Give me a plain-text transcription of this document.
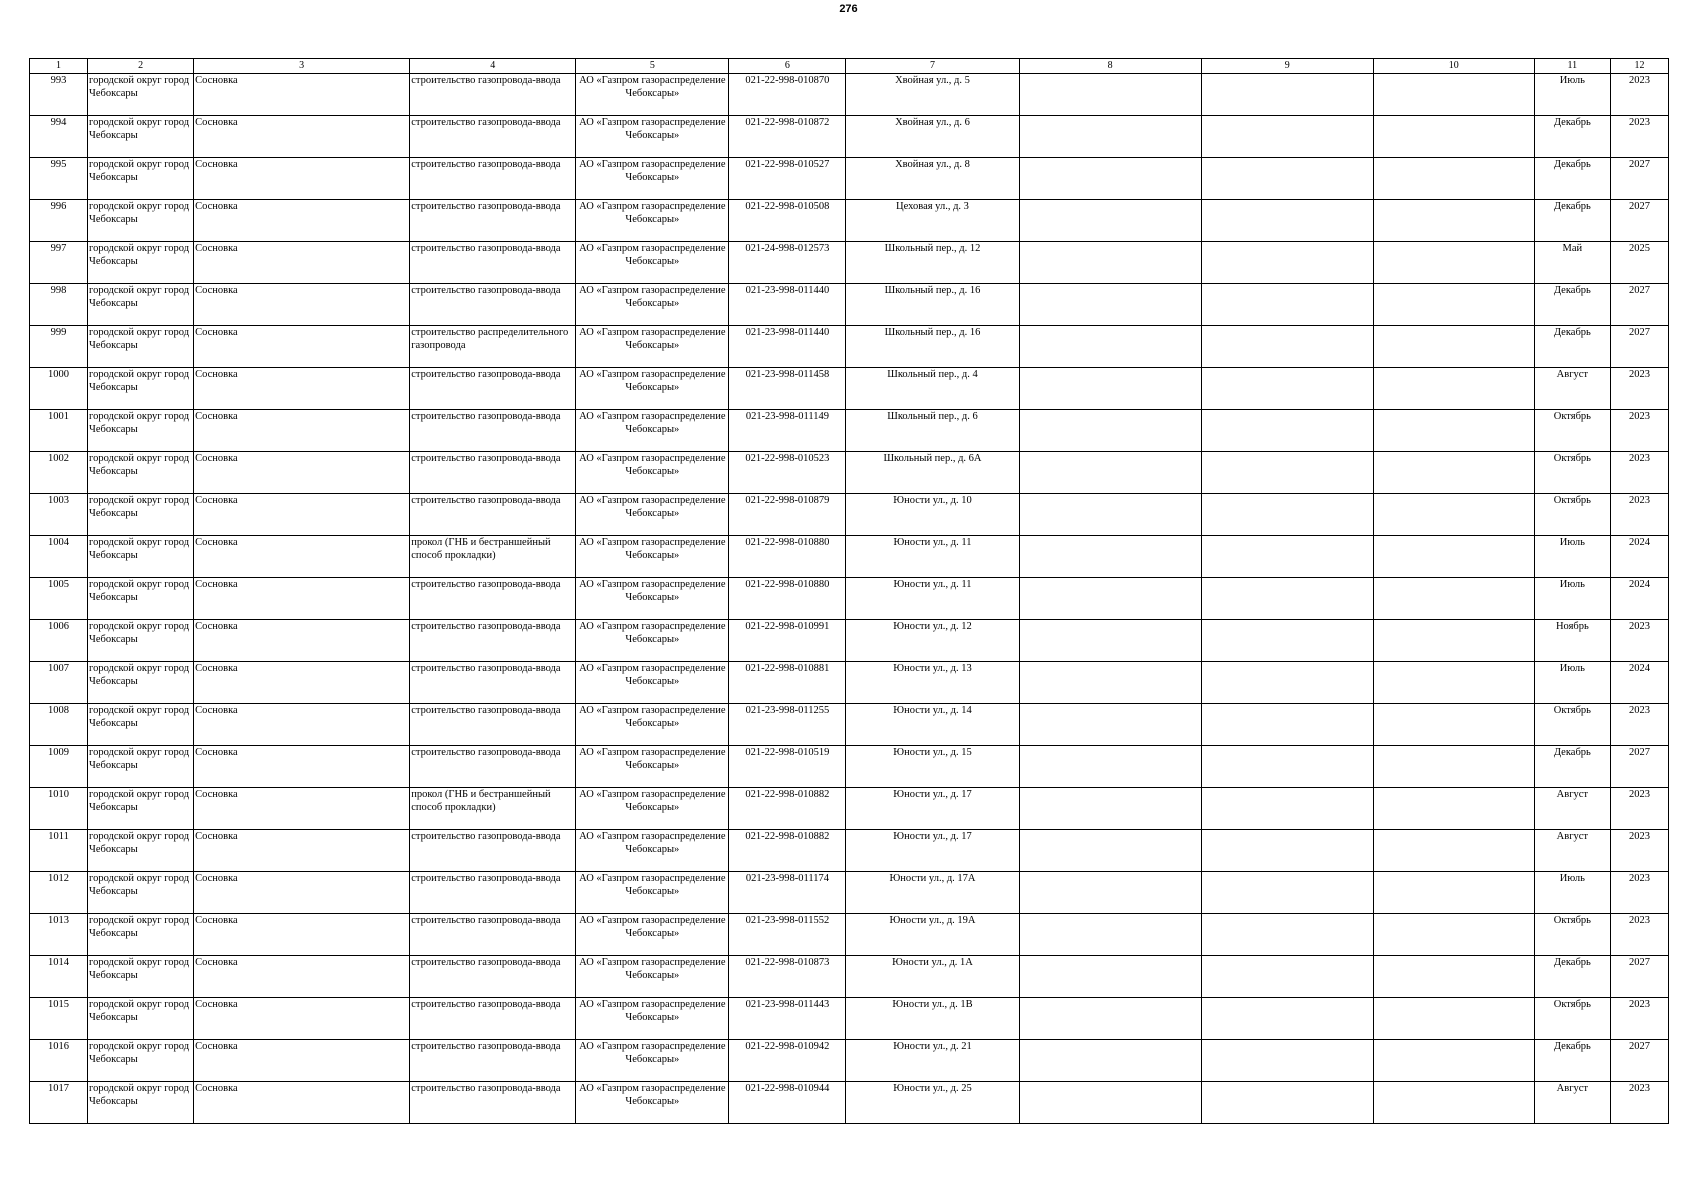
276
1	2	3	4	5	6	7	8	9	10	11	12

993	городской округ город Чебоксары	Сосновка	строительство газопровода-ввода	АО «Газпром газораспределение Чебоксары»	021-22-998-010870	Хвойная ул., д. 5				Июль	2023

994	городской округ город Чебоксары	Сосновка	строительство газопровода-ввода	АО «Газпром газораспределение Чебоксары»	021-22-998-010872	Хвойная ул., д. 6				Декабрь	2023

995	городской округ город Чебоксары	Сосновка	строительство газопровода-ввода	АО «Газпром газораспределение Чебоксары»	021-22-998-010527	Хвойная ул., д. 8				Декабрь	2027

996	городской округ город Чебоксары	Сосновка	строительство газопровода-ввода	АО «Газпром газораспределение Чебоксары»	021-22-998-010508	Цеховая ул., д. 3				Декабрь	2027

997	городской округ город Чебоксары	Сосновка	строительство газопровода-ввода	АО «Газпром газораспределение Чебоксары»	021-24-998-012573	Школьный пер., д. 12				Май	2025

998	городской округ город Чебоксары	Сосновка	строительство газопровода-ввода	АО «Газпром газораспределение Чебоксары»	021-23-998-011440	Школьный пер., д. 16				Декабрь	2027

999	городской округ город Чебоксары	Сосновка	строительство распределительного газопровода	АО «Газпром газораспределение Чебоксары»	021-23-998-011440	Школьный пер., д. 16				Декабрь	2027

1000	городской округ город Чебоксары	Сосновка	строительство газопровода-ввода	АО «Газпром газораспределение Чебоксары»	021-23-998-011458	Школьный пер., д. 4				Август	2023

1001	городской округ город Чебоксары	Сосновка	строительство газопровода-ввода	АО «Газпром газораспределение Чебоксары»	021-23-998-011149	Школьный пер., д. 6				Октябрь	2023

1002	городской округ город Чебоксары	Сосновка	строительство газопровода-ввода	АО «Газпром газораспределение Чебоксары»	021-22-998-010523	Школьный пер., д. 6А				Октябрь	2023

1003	городской округ город Чебоксары	Сосновка	строительство газопровода-ввода	АО «Газпром газораспределение Чебоксары»	021-22-998-010879	Юности ул., д. 10				Октябрь	2023

1004	городской округ город Чебоксары	Сосновка	прокол (ГНБ и бестраншейный способ прокладки)	АО «Газпром газораспределение Чебоксары»	021-22-998-010880	Юности ул., д. 11				Июль	2024

1005	городской округ город Чебоксары	Сосновка	строительство газопровода-ввода	АО «Газпром газораспределение Чебоксары»	021-22-998-010880	Юности ул., д. 11				Июль	2024

1006	городской округ город Чебоксары	Сосновка	строительство газопровода-ввода	АО «Газпром газораспределение Чебоксары»	021-22-998-010991	Юности ул., д. 12				Ноябрь	2023

1007	городской округ город Чебоксары	Сосновка	строительство газопровода-ввода	АО «Газпром газораспределение Чебоксары»	021-22-998-010881	Юности ул., д. 13				Июль	2024

1008	городской округ город Чебоксары	Сосновка	строительство газопровода-ввода	АО «Газпром газораспределение Чебоксары»	021-23-998-011255	Юности ул., д. 14				Октябрь	2023

1009	городской округ город Чебоксары	Сосновка	строительство газопровода-ввода	АО «Газпром газораспределение Чебоксары»	021-22-998-010519	Юности ул., д. 15				Декабрь	2027

1010	городской округ город Чебоксары	Сосновка	прокол (ГНБ и бестраншейный способ прокладки)	АО «Газпром газораспределение Чебоксары»	021-22-998-010882	Юности ул., д. 17				Август	2023

1011	городской округ город Чебоксары	Сосновка	строительство газопровода-ввода	АО «Газпром газораспределение Чебоксары»	021-22-998-010882	Юности ул., д. 17				Август	2023

1012	городской округ город Чебоксары	Сосновка	строительство газопровода-ввода	АО «Газпром газораспределение Чебоксары»	021-23-998-011174	Юности ул., д. 17А				Июль	2023

1013	городской округ город Чебоксары	Сосновка	строительство газопровода-ввода	АО «Газпром газораспределение Чебоксары»	021-23-998-011552	Юности ул., д. 19А				Октябрь	2023

1014	городской округ город Чебоксары	Сосновка	строительство газопровода-ввода	АО «Газпром газораспределение Чебоксары»	021-22-998-010873	Юности ул., д. 1А				Декабрь	2027

1015	городской округ город Чебоксары	Сосновка	строительство газопровода-ввода	АО «Газпром газораспределение Чебоксары»	021-23-998-011443	Юности ул., д. 1В				Октябрь	2023

1016	городской округ город Чебоксары	Сосновка	строительство газопровода-ввода	АО «Газпром газораспределение Чебоксары»	021-22-998-010942	Юности ул., д. 21				Декабрь	2027

1017	городской округ город Чебоксары	Сосновка	строительство газопровода-ввода	АО «Газпром газораспределение Чебоксары»	021-22-998-010944	Юности ул., д. 25				Август	2023
